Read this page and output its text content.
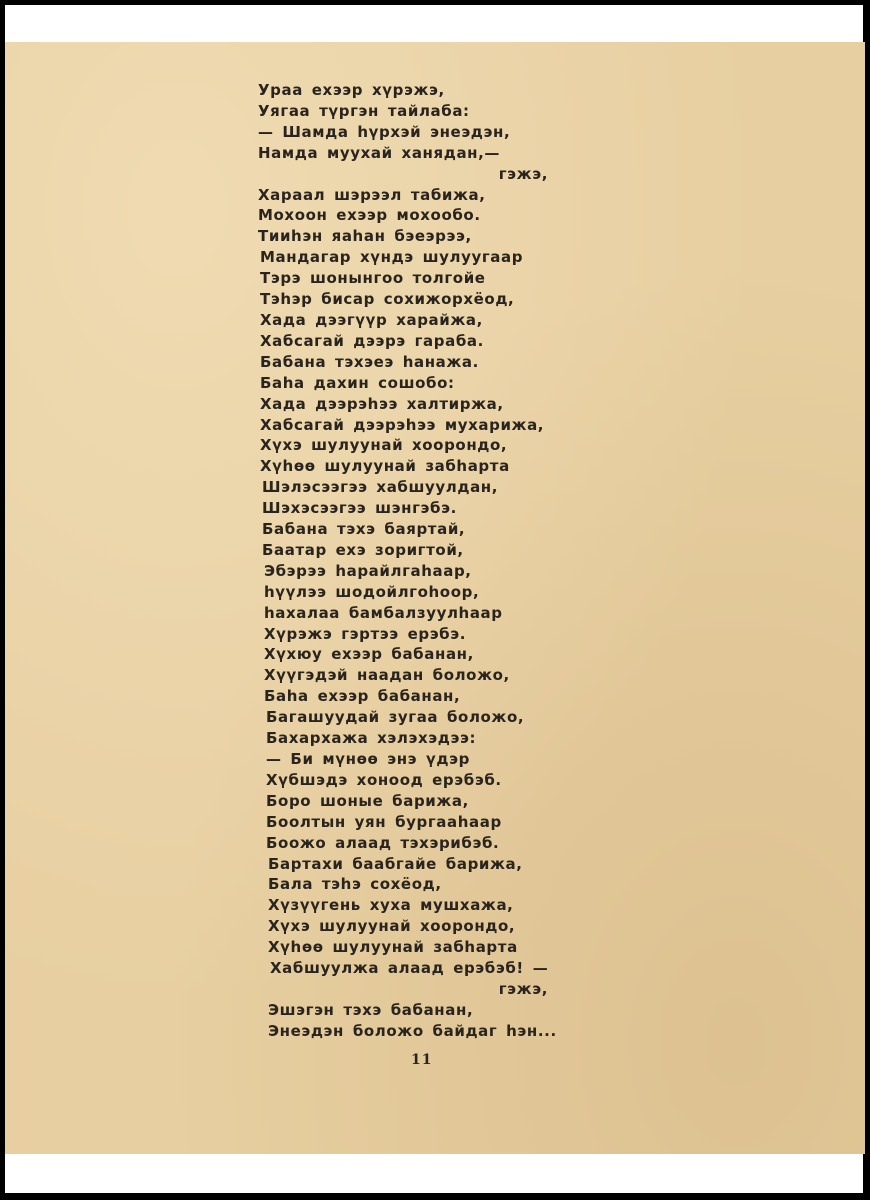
Ураа ехээр хүрэжэ,
Уягаа түргэн тайлаба:
— Шамда һүрхэй энеэдэн,
Намда муухай ханядан,—
гэжэ,
Хараал шэрээл табижа,
Мохоон ехээр мохообо.
Тииһэн яаһан бэеэрээ,
Мандагар хүндэ шулуугаар
Тэрэ шонынгоо толгойе
Тэһэр бисар сохижорхёод,
Хада дээгүүр харайжа,
Хабсагай дээрэ гараба.
Бабана тэхэеэ һанажа.
Баһа дахин сошобо:
Хада дээрэһээ халтиржа,
Хабсагай дээрэһээ мухарижа,
Хүхэ шулуунай хоорондо,
Хүһөө шулуунай забһарта
Шэлэсээгээ хабшуулдан,
Шэхэсээгээ шэнгэбэ.
Бабана тэхэ баяртай,
Баатар ехэ зоригтой,
Эбэрээ һарайлгаһаар,
һүүлээ шодойлгоһоор,
һахалаа бамбалзуулһаар
Хүрэжэ гэртээ ерэбэ.
Хүхюу ехээр бабанан,
Хүүгэдэй наадан боложо,
Баһа ехээр бабанан,
Багашуудай зугаа боложо,
Бахархажа хэлэхэдээ:
— Би мүнөө энэ үдэр
Хүбшэдэ хоноод ерэбэб.
Боро шоные барижа,
Боолтын уян бургааһаар
Боожо алаад тэхэрибэб.
Бартахи баабгайе барижа,
Бала тэһэ сохёод,
Хүзүүгень хуха мушхажа,
Хүхэ шулуунай хоорондо,
Хүһөө шулуунай забһарта
Хабшуулжа алаад ерэбэб! —
гэжэ,
Эшэгэн тэхэ бабанан,
Энеэдэн боложо байдаг һэн...
11
